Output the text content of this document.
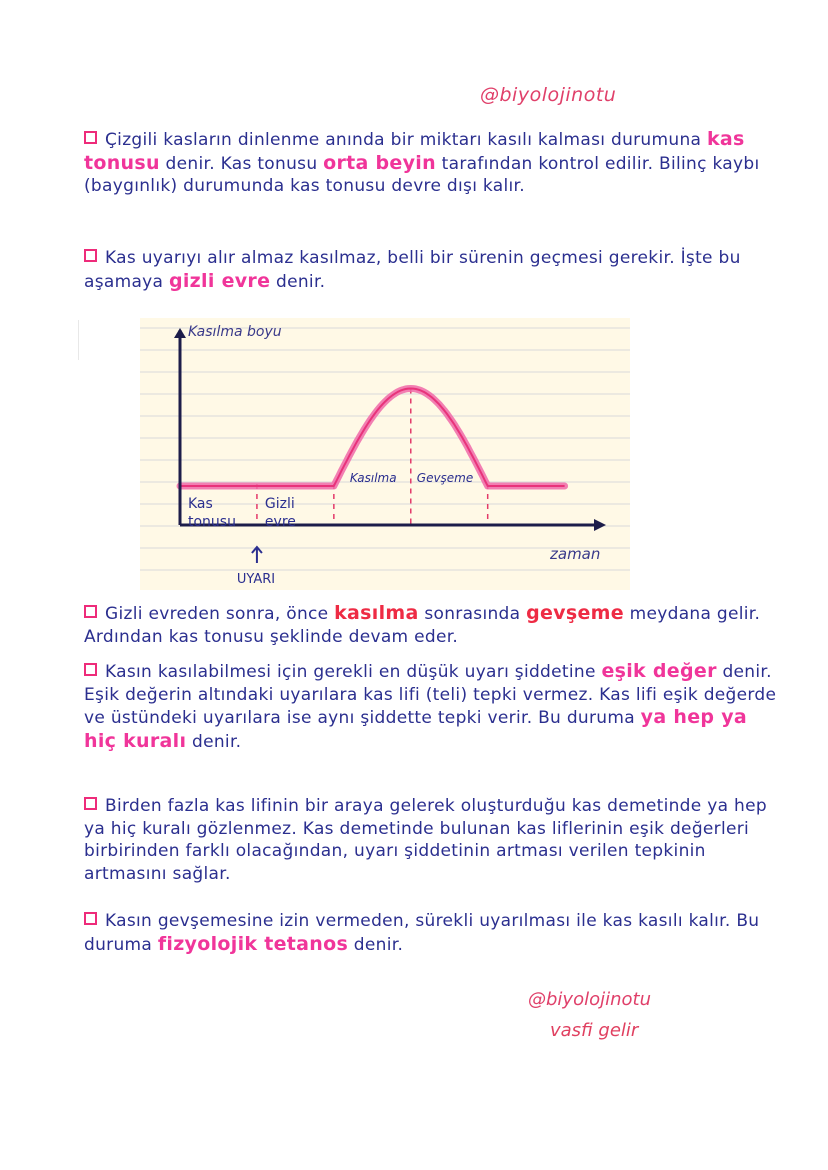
@biyolojinotu
Çizgili kasların dinlenme anında bir miktarı kasılı kalması durumuna kas tonusu denir. Kas tonusu orta beyin tarafından kontrol edilir. Bilinç kaybı (baygınlık) durumunda kas tonusu devre dışı kalır.
Kas uyarıyı alır almaz kasılmaz, belli bir sürenin geçmesi gerekir. İşte bu aşamaya gizli evre denir.
Kasılma boyu
zaman
Kas tonusu
Gizli evre
Kasılma Gevşeme
UYARI
Gizli evreden sonra, önce kasılma sonrasında gevşeme meydana gelir. Ardından kas tonusu şeklinde devam eder.
Kasın kasılabilmesi için gerekli en düşük uyarı şiddetine eşik değer denir. Eşik değerin altındaki uyarılara kas lifi (teli) tepki vermez. Kas lifi eşik değerde ve üstündeki uyarılara ise aynı şiddette tepki verir. Bu duruma ya hep ya hiç kuralı denir.
Birden fazla kas lifinin bir araya gelerek oluşturduğu kas demetinde ya hep ya hiç kuralı gözlenmez. Kas demetinde bulunan kas liflerinin eşik değerleri birbirinden farklı olacağından, uyarı şiddetinin artması verilen tepkinin artmasını sağlar.
Kasın gevşemesine izin vermeden, sürekli uyarılması ile kas kasılı kalır. Bu duruma fizyolojik tetanos denir.
@biyolojinotu
vasfi gelir
